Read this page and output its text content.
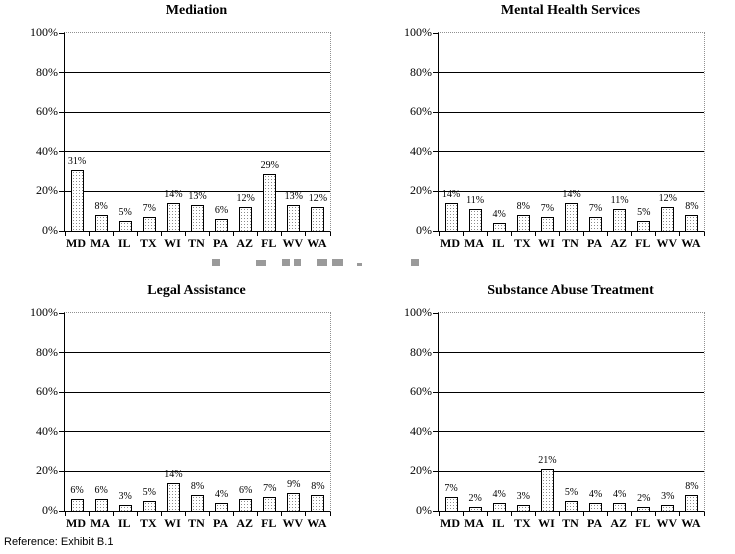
Mediation
0%
20%
40%
60%
80%
100%
31%
8%
5%	7%
14% 13%
6%
12%
29%
13% 12%
MD MA IL TX WI TN PA AZ FL WV WA
Mental Health Services
0%
20%
40%
60%
80%
100%
14%
11%
4%
8%	7%
14%
7%
11%
5%
12%
8%
MD MA IL TX WI TN PA AZ FL WV WA
Legal Assistance
0%
20%
40%
60%
80%
100%
6%	6%
3%	5%
14%
8%
4%	6%	7%	9%	8%
MD MA IL TX WI TN PA AZ FL WV WA
Substance Abuse Treatment
0%
20%
40%
60%
80%
100%
7%
2%	4%	3%
21%
5%	4%	4%	2%	3%
8%
MD MA IL TX WI TN PA AZ FL WV WA
Reference: Exhibit B.1
